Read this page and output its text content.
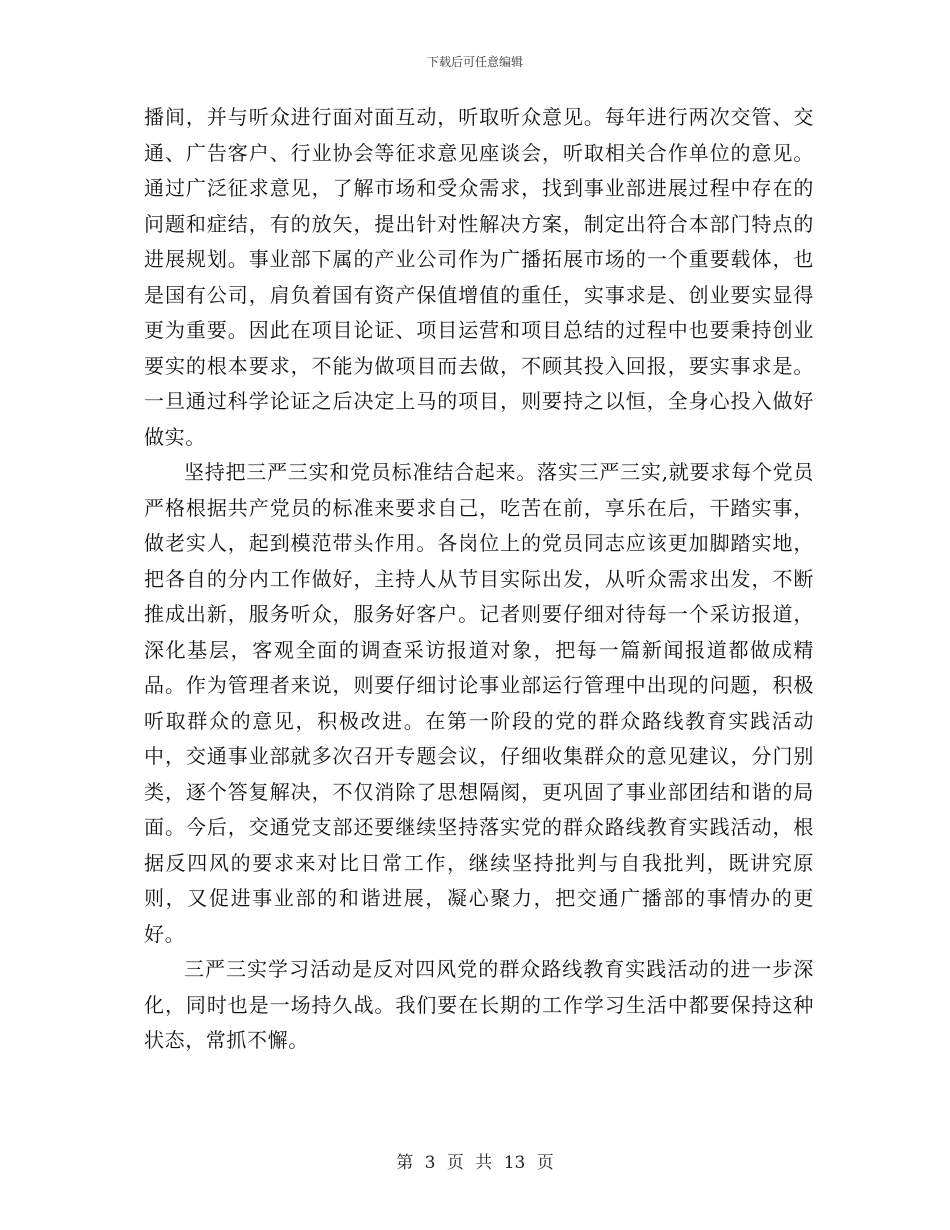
下载后可任意编辑

播间，并与听众进行面对面互动，听取听众意见。每年进行两次交管、交通、广告客户、行业协会等征求意见座谈会，听取相关合作单位的意见。通过广泛征求意见，了解市场和受众需求，找到事业部进展过程中存在的问题和症结，有的放矢，提出针对性解决方案，制定出符合本部门特点的进展规划。事业部下属的产业公司作为广播拓展市场的一个重要载体，也是国有公司，肩负着国有资产保值增值的重任，实事求是、创业要实显得更为重要。因此在项目论证、项目运营和项目总结的过程中也要秉持创业要实的根本要求，不能为做项目而去做，不顾其投入回报，要实事求是。一旦通过科学论证之后决定上马的项目，则要持之以恒，全身心投入做好做实。

坚持把三严三实和党员标准结合起来。落实三严三实,就要求每个党员严格根据共产党员的标准来要求自己，吃苦在前，享乐在后，干踏实事，做老实人，起到模范带头作用。各岗位上的党员同志应该更加脚踏实地，把各自的分内工作做好，主持人从节目实际出发，从听众需求出发，不断推成出新，服务听众，服务好客户。记者则要仔细对待每一个采访报道，深化基层，客观全面的调查采访报道对象，把每一篇新闻报道都做成精品。作为管理者来说，则要仔细讨论事业部运行管理中出现的问题，积极听取群众的意见，积极改进。在第一阶段的党的群众路线教育实践活动中，交通事业部就多次召开专题会议，仔细收集群众的意见建议，分门别类，逐个答复解决，不仅消除了思想隔阂，更巩固了事业部团结和谐的局面。今后，交通党支部还要继续坚持落实党的群众路线教育实践活动，根据反四风的要求来对比日常工作，继续坚持批判与自我批判，既讲究原则，又促进事业部的和谐进展，凝心聚力，把交通广播部的事情办的更好。

三严三实学习活动是反对四风党的群众路线教育实践活动的进一步深化，同时也是一场持久战。我们要在长期的工作学习生活中都要保持这种状态，常抓不懈。

第 3 页 共 13 页
